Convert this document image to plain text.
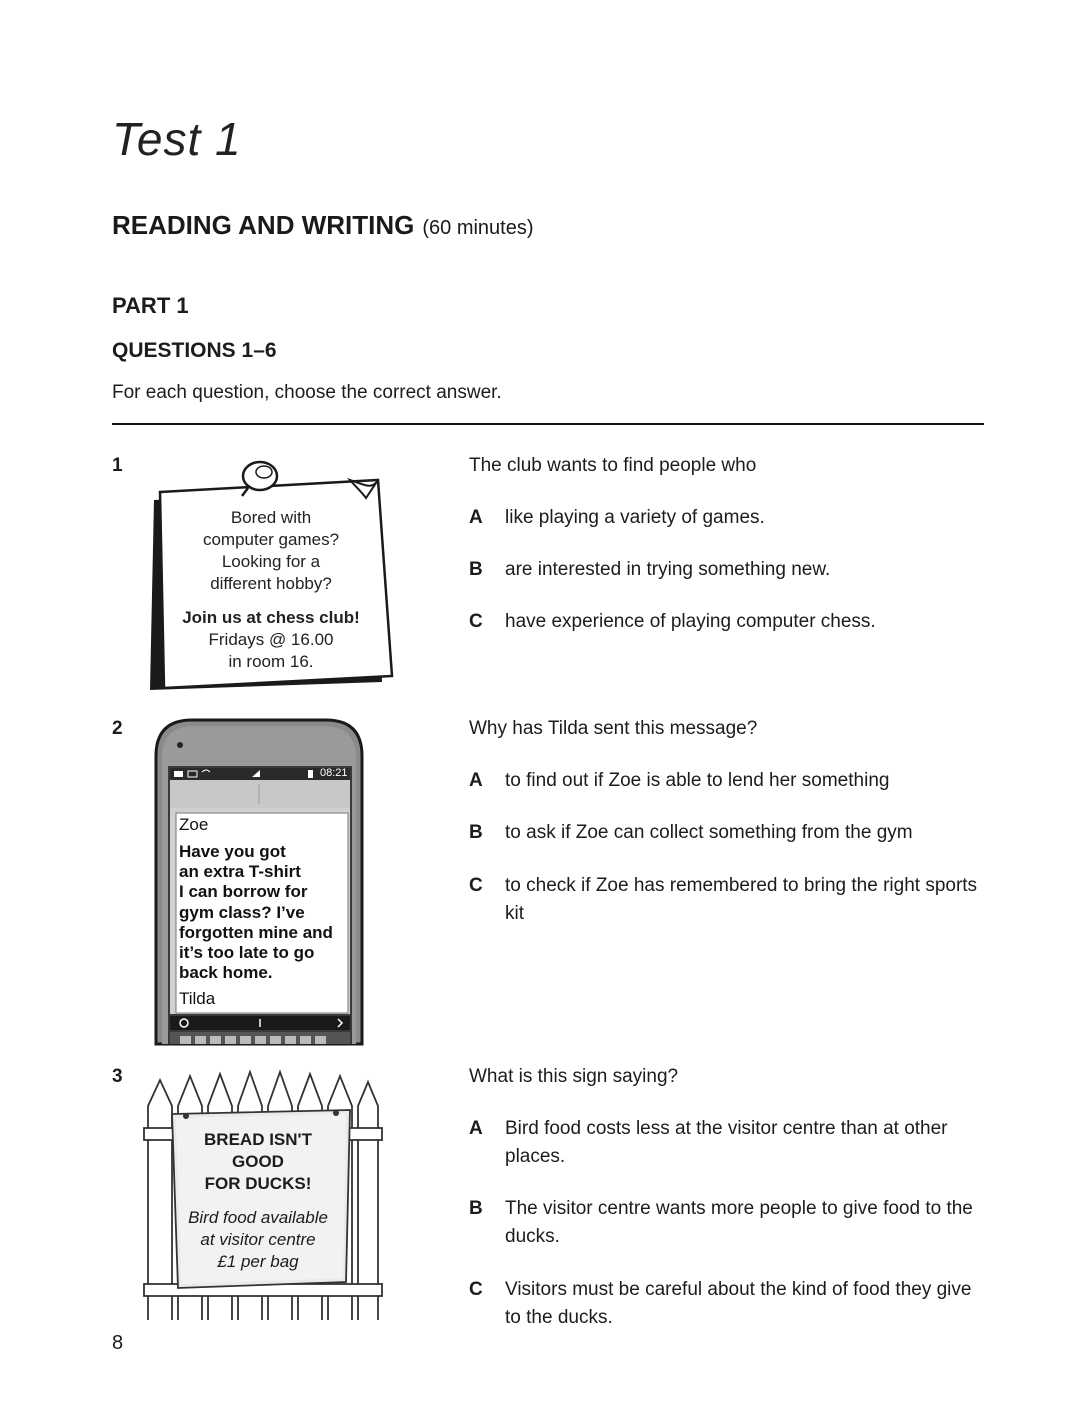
Test 1
READING AND WRITING (60 minutes)
PART 1
QUESTIONS 1–6
For each question, choose the correct answer.
1
Bored with
computer games?
Looking for a
different hobby?
Join us at chess club!
Fridays @ 16.00
in room 16.
The club wants to find people who
A like playing a variety of games.
B are interested in trying something new.
C have experience of playing computer chess.
2
08:21
Zoe
Have you got
an extra T-shirt
I can borrow for
gym class? I’ve
forgotten mine and
it’s too late to go
back home.
Tilda
Why has Tilda sent this message?
A to find out if Zoe is able to lend her something
B to ask if Zoe can collect something from the gym
C to check if Zoe has remembered to bring the right sports kit
3
BREAD ISN'T
GOOD
FOR DUCKS!
Bird food available
at visitor centre
£1 per bag
What is this sign saying?
A Bird food costs less at the visitor centre than at other places.
B The visitor centre wants more people to give food to the ducks.
C Visitors must be careful about the kind of food they give to the ducks.
8
